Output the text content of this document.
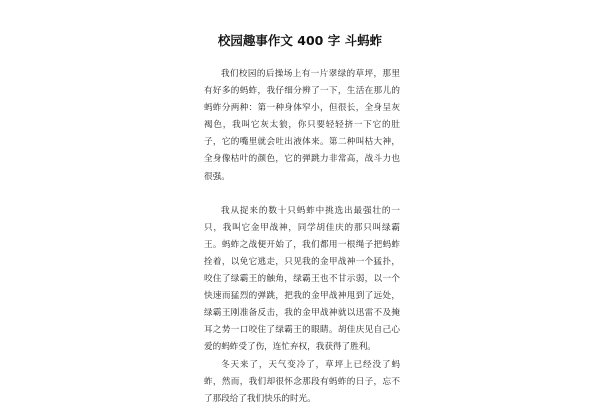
校园趣事作文 400 字 斗蚂蚱

我们校园的后操场上有一片翠绿的草坪，那里有好多的蚂蚱，我仔细分辨了一下，生活在那儿的蚂蚱分两种：第一种身体窄小，但很长，全身呈灰褐色，我叫它灰太狼，你只要轻轻挤一下它的肚子，它的嘴里就会吐出液体来。第二种叫枯大神，全身像枯叶的颜色，它的弹跳力非常高，战斗力也很强。

我从捉来的数十只蚂蚱中挑选出最强壮的一只，我叫它金甲战神，同学胡佳庆的那只叫绿霸王。蚂蚱之战便开始了，我们都用一根绳子把蚂蚱拴着，以免它逃走，只见我的金甲战神一个猛扑，咬住了绿霸王的触角，绿霸王也不甘示弱，以一个快速而猛烈的弹跳，把我的金甲战神甩到了远处，绿霸王刚准备反击，我的金甲战神就以迅雷不及掩耳之势一口咬住了绿霸王的眼睛。胡佳庆见自己心爱的蚂蚱受了伤，连忙弃权，我获得了胜利。

冬天来了，天气变冷了，草坪上已经没了蚂蚱，然而，我们却很怀念那段有蚂蚱的日子，忘不了那段给了我们快乐的时光。
